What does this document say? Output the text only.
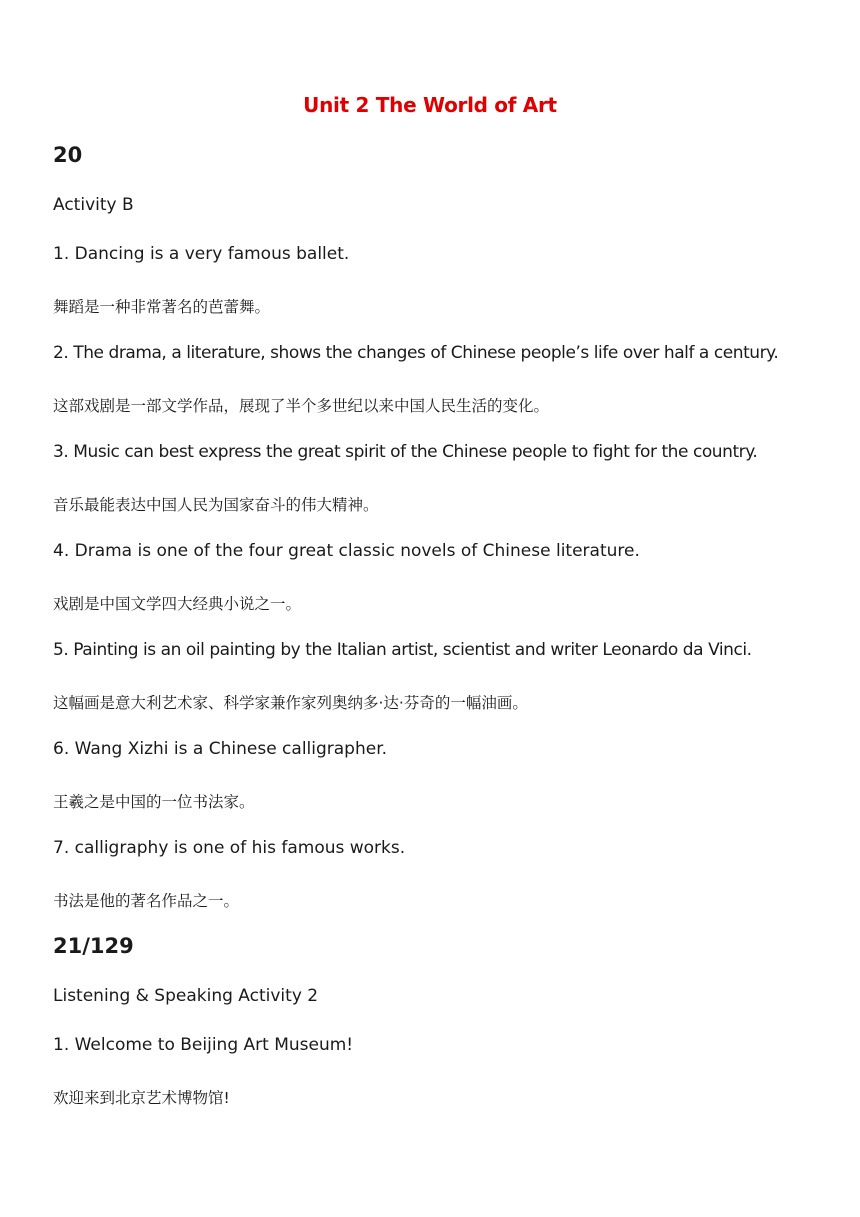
Unit 2 The World of Art
20
Activity B
1. Dancing is a very famous ballet.
舞蹈是一种非常著名的芭蕾舞。
2. The drama, a literature, shows the changes of Chinese people’s life over half a century.
这部戏剧是一部文学作品，展现了半个多世纪以来中国人民生活的变化。
3. Music can best express the great spirit of the Chinese people to fight for the country.
音乐最能表达中国人民为国家奋斗的伟大精神。
4. Drama is one of the four great classic novels of Chinese literature.
戏剧是中国文学四大经典小说之一。
5. Painting is an oil painting by the Italian artist, scientist and writer Leonardo da Vinci.
这幅画是意大利艺术家、科学家兼作家列奥纳多·达·芬奇的一幅油画。
6. Wang Xizhi is a Chinese calligrapher.
王羲之是中国的一位书法家。
7. calligraphy is one of his famous works.
书法是他的著名作品之一。
21/129
Listening & Speaking Activity 2
1. Welcome to Beijing Art Museum!
欢迎来到北京艺术博物馆!
